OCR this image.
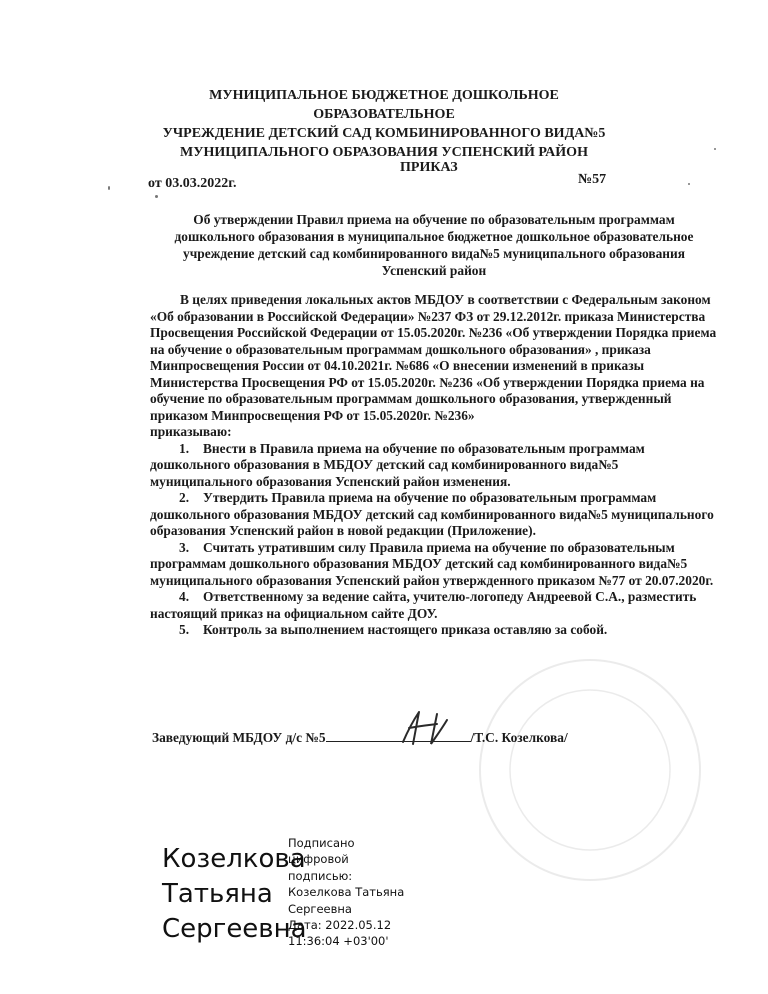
МУНИЦИПАЛЬНОЕ БЮДЖЕТНОЕ ДОШКОЛЬНОЕ ОБРАЗОВАТЕЛЬНОЕ
УЧРЕЖДЕНИЕ ДЕТСКИЙ САД КОМБИНИРОВАННОГО ВИДА№5
МУНИЦИПАЛЬНОГО ОБРАЗОВАНИЯ УСПЕНСКИЙ РАЙОН
ПРИКАЗ
от 03.03.2022г.	№57
Об утверждении Правил приема на обучение по образовательным программам
дошкольного образования в муниципальное бюджетное дошкольное образовательное
учреждение детский сад комбинированного вида№5 муниципального образования
Успенский район

В целях приведения локальных актов МБДОУ в соответствии с Федеральным законом «Об образовании в Российской Федерации» №237 ФЗ от 29.12.2012г. приказа Министерства Просвещения Российской Федерации от 15.05.2020г. №236 «Об утверждении Порядка приема на обучение о образовательным программам дошкольного образования» , приказа Минпросвещения России от 04.10.2021г. №686 «О внесении изменений в приказы Министерства Просвещения РФ от 15.05.2020г. №236 «Об утверждении Порядка приема на обучение по образовательным программам дошкольного образования, утвержденный приказом Минпросвещения РФ от 15.05.2020г. №236»

приказываю:

1. Внести в Правила приема на обучение по образовательным программам дошкольного образования в МБДОУ детский сад комбинированного вида№5 муниципального образования Успенский район изменения.

2. Утвердить Правила приема на обучение по образовательным программам дошкольного образования МБДОУ детский сад комбинированного вида№5 муниципального образования Успенский район в новой редакции (Приложение).

3. Считать утратившим силу Правила приема на обучение по образовательным программам дошкольного образования МБДОУ детский сад комбинированного вида№5 муниципального образования Успенский район утвержденного приказом №77 от 20.07.2020г.

4. Ответственному за ведение сайта, учителю-логопеду Андреевой С.А., разместить настоящий приказ на официальном сайте ДОУ.

5. Контроль за выполнением настоящего приказа оставляю за собой.

Заведующий МБДОУ д/с №5	/Т.С. Козелкова/
Козелкова
Татьяна
Сергеевна
Подписано
цифровой
подписью:
Козелкова Татьяна
Сергеевна
Дата: 2022.05.12
11:36:04 +03'00'
